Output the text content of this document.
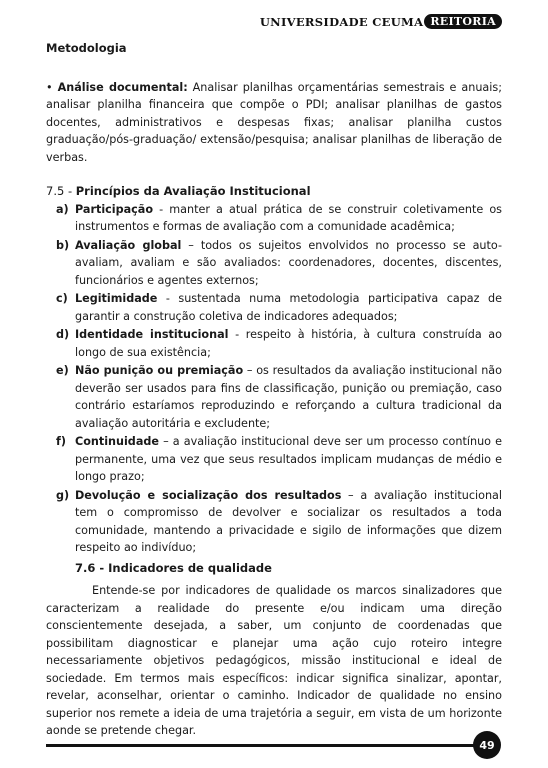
UNIVERSIDADE CEUMA REITORIA
Metodologia

• Análise documental: Analisar planilhas orçamentárias semestrais e anuais; analisar planilha financeira que compõe o PDI; analisar planilhas de gastos docentes, administrativos e despesas fixas; analisar planilha custos graduação/pós-graduação/ extensão/pesquisa; analisar planilhas de liberação de verbas.

7.5 - Princípios da Avaliação Institucional
a) Participação - manter a atual prática de se construir coletivamente os instrumentos e formas de avaliação com a comunidade acadêmica;
b) Avaliação global – todos os sujeitos envolvidos no processo se auto-avaliam, avaliam e são avaliados: coordenadores, docentes, discentes, funcionários e agentes externos;
c) Legitimidade - sustentada numa metodologia participativa capaz de garantir a construção coletiva de indicadores adequados;
d) Identidade institucional - respeito à história, à cultura construída ao longo de sua existência;
e) Não punição ou premiação – os resultados da avaliação institucional não deverão ser usados para fins de classificação, punição ou premiação, caso contrário estaríamos reproduzindo e reforçando a cultura tradicional da avaliação autoritária e excludente;
f) Continuidade – a avaliação institucional deve ser um processo contínuo e permanente, uma vez que seus resultados implicam mudanças de médio e longo prazo;
g) Devolução e socialização dos resultados – a avaliação institucional tem o compromisso de devolver e socializar os resultados a toda comunidade, mantendo a privacidade e sigilo de informações que dizem respeito ao indivíduo;
7.6 - Indicadores de qualidade

Entende-se por indicadores de qualidade os marcos sinalizadores que caracterizam a realidade do presente e/ou indicam uma direção conscientemente desejada, a saber, um conjunto de coordenadas que possibilitam diagnosticar e planejar uma ação cujo roteiro integre necessariamente objetivos pedagógicos, missão institucional e ideal de sociedade. Em termos mais específicos: indicar significa sinalizar, apontar, revelar, aconselhar, orientar o caminho. Indicador de qualidade no ensino superior nos remete a ideia de uma trajetória a seguir, em vista de um horizonte aonde se pretende chegar.

49
